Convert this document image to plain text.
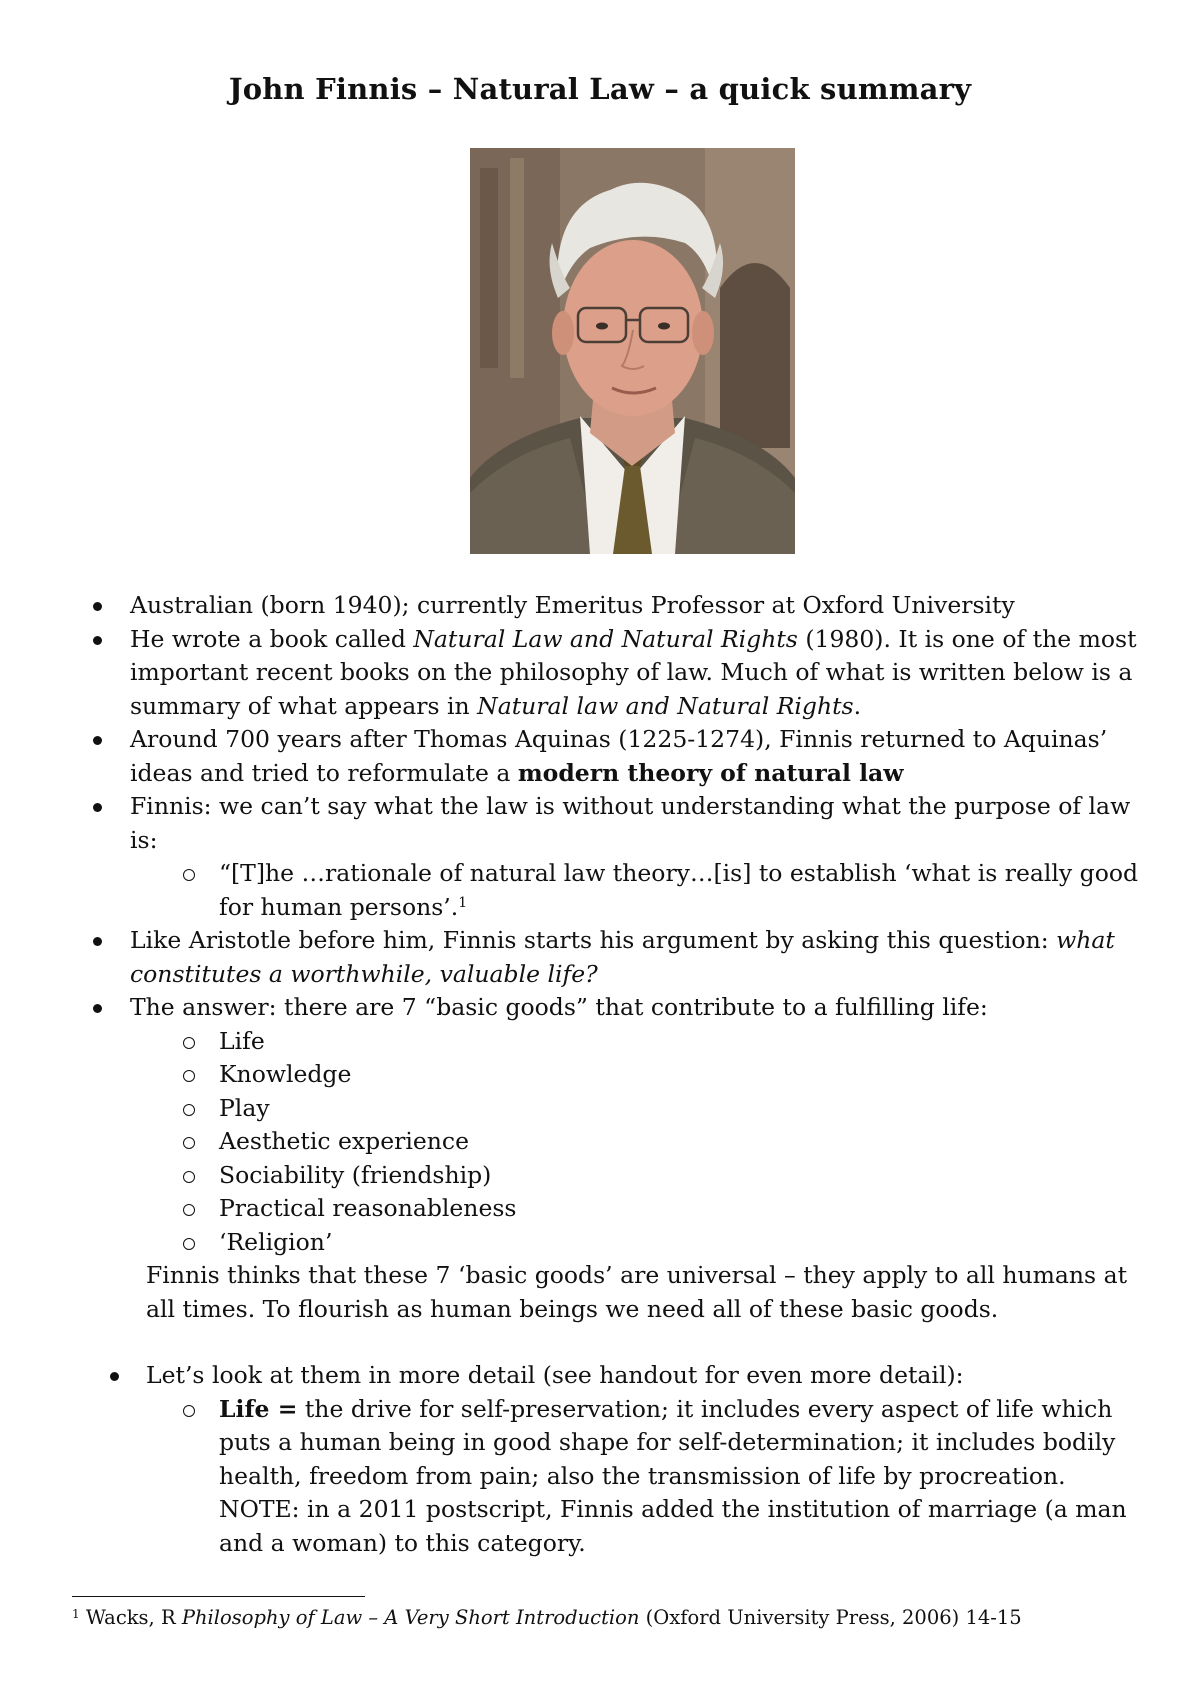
John Finnis – Natural Law – a quick summary
Australian (born 1940); currently Emeritus Professor at Oxford University
He wrote a book called Natural Law and Natural Rights (1980). It is one of the most important recent books on the philosophy of law. Much of what is written below is a summary of what appears in Natural law and Natural Rights.
Around 700 years after Thomas Aquinas (1225-1274), Finnis returned to Aquinas’ ideas and tried to reformulate a modern theory of natural law
Finnis: we can’t say what the law is without understanding what the purpose of law is:
“[T]he …rationale of natural law theory…[is] to establish ‘what is really good for human persons’.$^1$
Like Aristotle before him, Finnis starts his argument by asking this question: what constitutes a worthwhile, valuable life?
The answer: there are 7 “basic goods” that contribute to a fulfilling life:
Life
Knowledge
Play
Aesthetic experience
Sociability (friendship)
Practical reasonableness
‘Religion’
Finnis thinks that these 7 ‘basic goods’ are universal – they apply to all humans at all times. To flourish as human beings we need all of these basic goods.
Let’s look at them in more detail (see handout for even more detail):
Life = the drive for self-preservation; it includes every aspect of life which puts a human being in good shape for self-determination; it includes bodily health, freedom from pain; also the transmission of life by procreation. NOTE: in a 2011 postscript, Finnis added the institution of marriage (a man and a woman) to this category.
$^1$ Wacks, R Philosophy of Law – A Very Short Introduction (Oxford University Press, 2006) 14-15
